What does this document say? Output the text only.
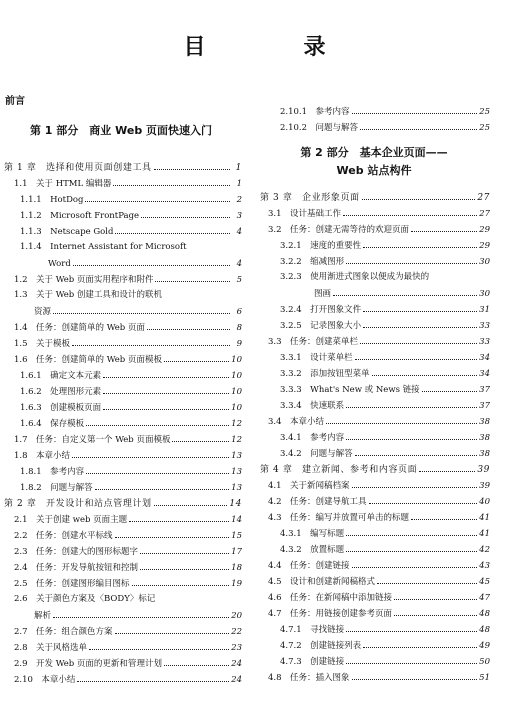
目　录
前言
第 1 部分　商业 Web 页面快速入门
第 1 章　选择和使用页面创建工具	1
1.1　关于 HTML 编辑器	1
1.1.1　HotDog	2
1.1.2　Microsoft FrontPage	3
1.1.3　Netscape Gold	4
1.1.4　Internet Assistant for Microsoft
Word	4
1.2　关于 Web 页面实用程序和附件	5
1.3　关于 Web 创建工具和设计的联机
资源	6
1.4　任务：创建简单的 Web 页面	8
1.5　关于模板	9
1.6　任务：创建简单的 Web 页面模板	10
1.6.1　确定文本元素	10
1.6.2　处理图形元素	10
1.6.3　创建模板页面	10
1.6.4　保存模板	12
1.7　任务：自定义第一个 Web 页面模板	12
1.8　本章小结	13
1.8.1　参考内容	13
1.8.2　问题与解答	13
第 2 章　开发设计和站点管理计划	14
2.1　关于创建 web 页面主题	14
2.2　任务：创建水平标线	15
2.3　任务：创建大的图形标题字	17
2.4　任务：开发导航按钮和控制	18
2.5　任务：创建图形编目图标	19
2.6　关于颜色方案及〈BODY〉标记
解析	20
2.7　任务：组合颜色方案	22
2.8　关于风格选单	23
2.9　开发 Web 页面的更新和管理计划	24
2.10　本章小结	24
2.10.1　参考内容	25
2.10.2　问题与解答	25
第 2 部分　基本企业页面——
Web 站点构件
第 3 章　企业形象页面	27
3.1　设计基础工作	27
3.2　任务：创建无需等待的欢迎页面	29
3.2.1　速度的重要性	29
3.2.2　缩减图形	30
3.2.3　使用渐进式图象以便成为最快的
图画	30
3.2.4　打开图象文件	31
3.2.5　记录图象大小	33
3.3　任务：创建菜单栏	33
3.3.1　设计菜单栏	34
3.3.2　添加按钮型菜单	34
3.3.3　What's New 或 News 链接	37
3.3.4　快速联系	37
3.4　本章小结	38
3.4.1　参考内容	38
3.4.2　问题与解答	38
第 4 章　建立新闻、参考和内容页面	39
4.1　关于新闻稿档案	39
4.2　任务：创建导航工具	40
4.3　任务：编写并放置可单击的标题	41
4.3.1　编写标题	41
4.3.2　放置标题	42
4.4　任务：创建链接	43
4.5　设计和创建新闻稿格式	45
4.6　任务：在新闻稿中添加链接	47
4.7　任务：用链接创建参考页面	48
4.7.1　寻找链接	48
4.7.2　创建链接列表	49
4.7.3　创建链接	50
4.8　任务：插入图象	51
